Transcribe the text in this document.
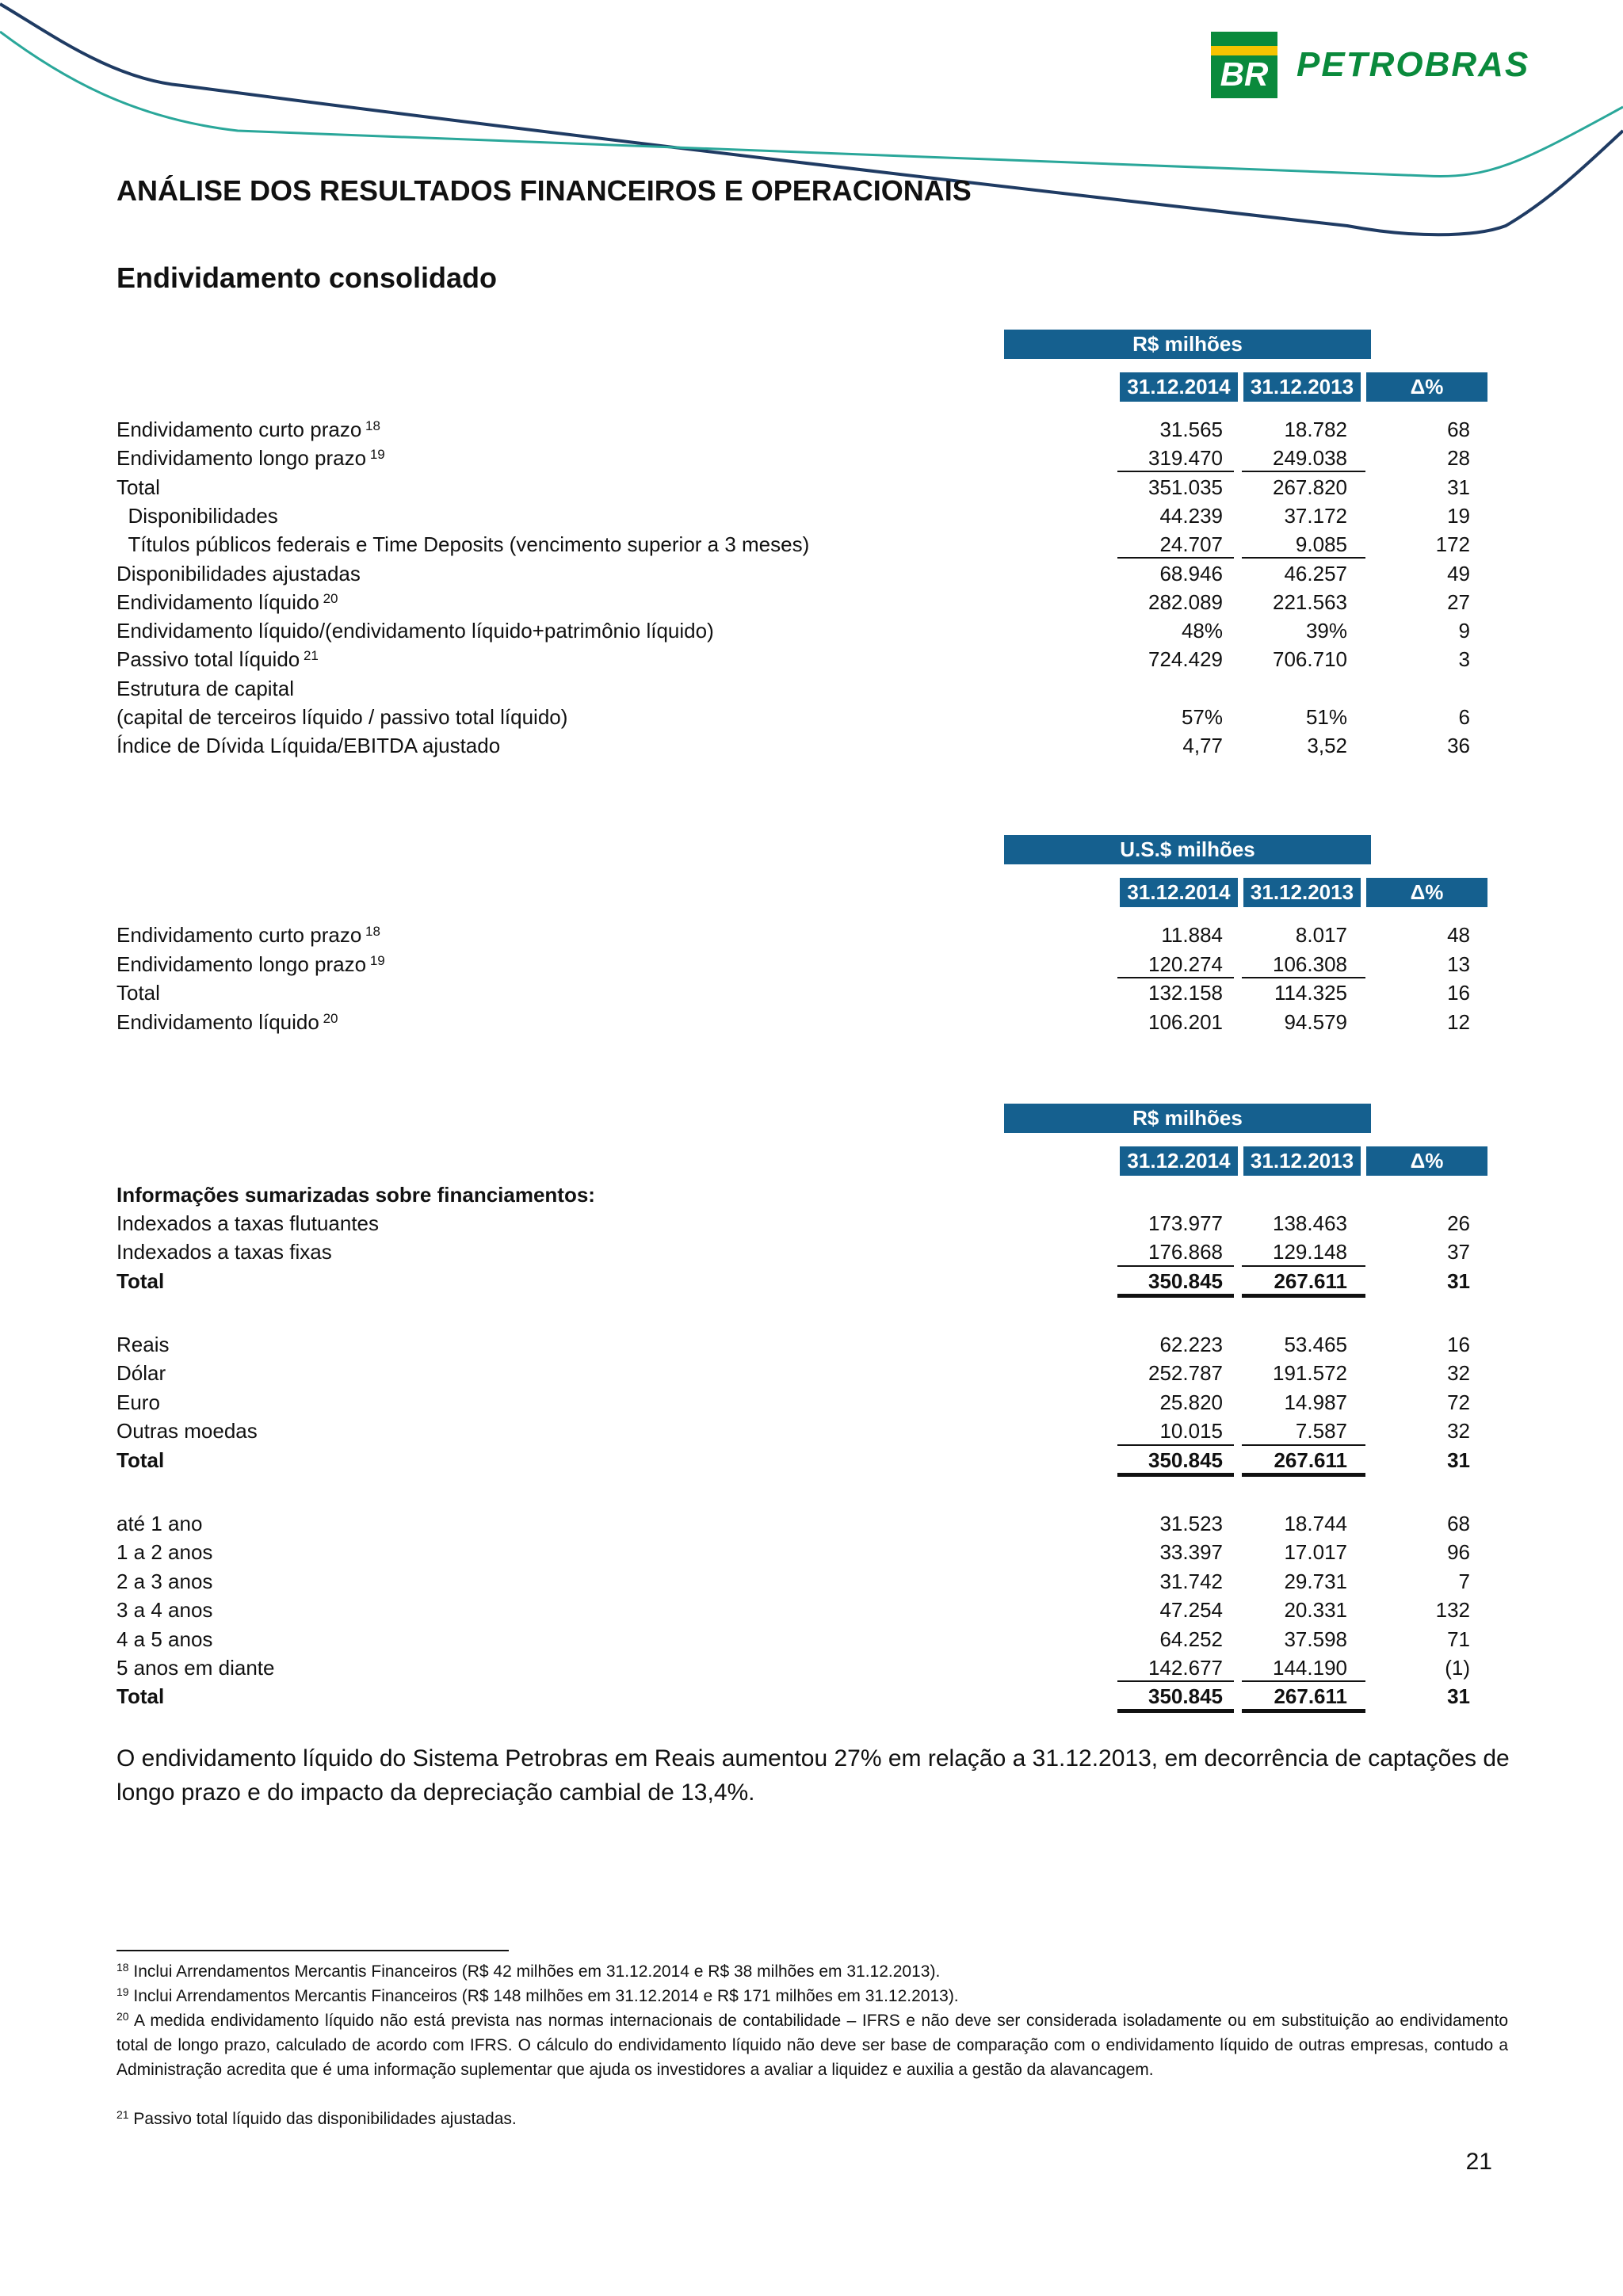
BR PETROBRAS
ANÁLISE DOS RESULTADOS FINANCEIROS E OPERACIONAIS
Endividamento consolidado
R$ milhões
31.12.2014 31.12.2013	Δ%
Endividamento curto prazo $^{18}$	31.565	18.782	68
Endividamento longo prazo $^{19}$	319.470	249.038	28
Total	351.035	267.820	31
Disponibilidades	44.239	37.172	19
Títulos públicos federais e Time Deposits (vencimento superior a 3 meses)	24.707	9.085	172
Disponibilidades ajustadas	68.946	46.257	49
Endividamento líquido $^{20}$	282.089	221.563	27
Endividamento líquido/(endividamento líquido+patrimônio líquido)	48%	39%	9
Passivo total líquido $^{21}$	724.429	706.710	3
Estrutura de capital
(capital de terceiros líquido / passivo total líquido)	57%	51%	6
Índice de Dívida Líquida/EBITDA ajustado	4,77	3,52	36
U.S.$ milhões
31.12.2014 31.12.2013	Δ%
Endividamento curto prazo $^{18}$	11.884	8.017	48
Endividamento longo prazo $^{19}$	120.274	106.308	13
Total	132.158	114.325	16
Endividamento líquido $^{20}$	106.201	94.579	12
R$ milhões
31.12.2014 31.12.2013	Δ%
Informações sumarizadas sobre financiamentos:
Indexados a taxas flutuantes	173.977	138.463	26
Indexados a taxas fixas	176.868	129.148	37
Total	350.845	267.611	31
Reais	62.223	53.465	16
Dólar	252.787	191.572	32
Euro	25.820	14.987	72
Outras moedas	10.015	7.587	32
Total	350.845	267.611	31
até 1 ano	31.523	18.744	68
1 a 2 anos	33.397	17.017	96
2 a 3 anos	31.742	29.731	7
3 a 4 anos	47.254	20.331	132
4 a 5 anos	64.252	37.598	71
5 anos em diante	142.677	144.190	(1)
Total	350.845	267.611	31
O endividamento líquido do Sistema Petrobras em Reais aumentou 27% em relação a 31.12.2013, em decorrência de captações de longo prazo e do impacto da depreciação cambial de 13,4%.
$^{18}$ Inclui Arrendamentos Mercantis Financeiros (R$ 42 milhões em 31.12.2014 e R$ 38 milhões em 31.12.2013).
$^{19}$ Inclui Arrendamentos Mercantis Financeiros (R$ 148 milhões em 31.12.2014 e R$ 171 milhões em 31.12.2013).
$^{20}$ A medida endividamento líquido não está prevista nas normas internacionais de contabilidade – IFRS e não deve ser considerada isoladamente ou em substituição ao endividamento total de longo prazo, calculado de acordo com IFRS. O cálculo do endividamento líquido não deve ser base de comparação com o endividamento líquido de outras empresas, contudo a Administração acredita que é uma informação suplementar que ajuda os investidores a avaliar a liquidez e auxilia a gestão da alavancagem.
$^{21}$ Passivo total líquido das disponibilidades ajustadas.
21
